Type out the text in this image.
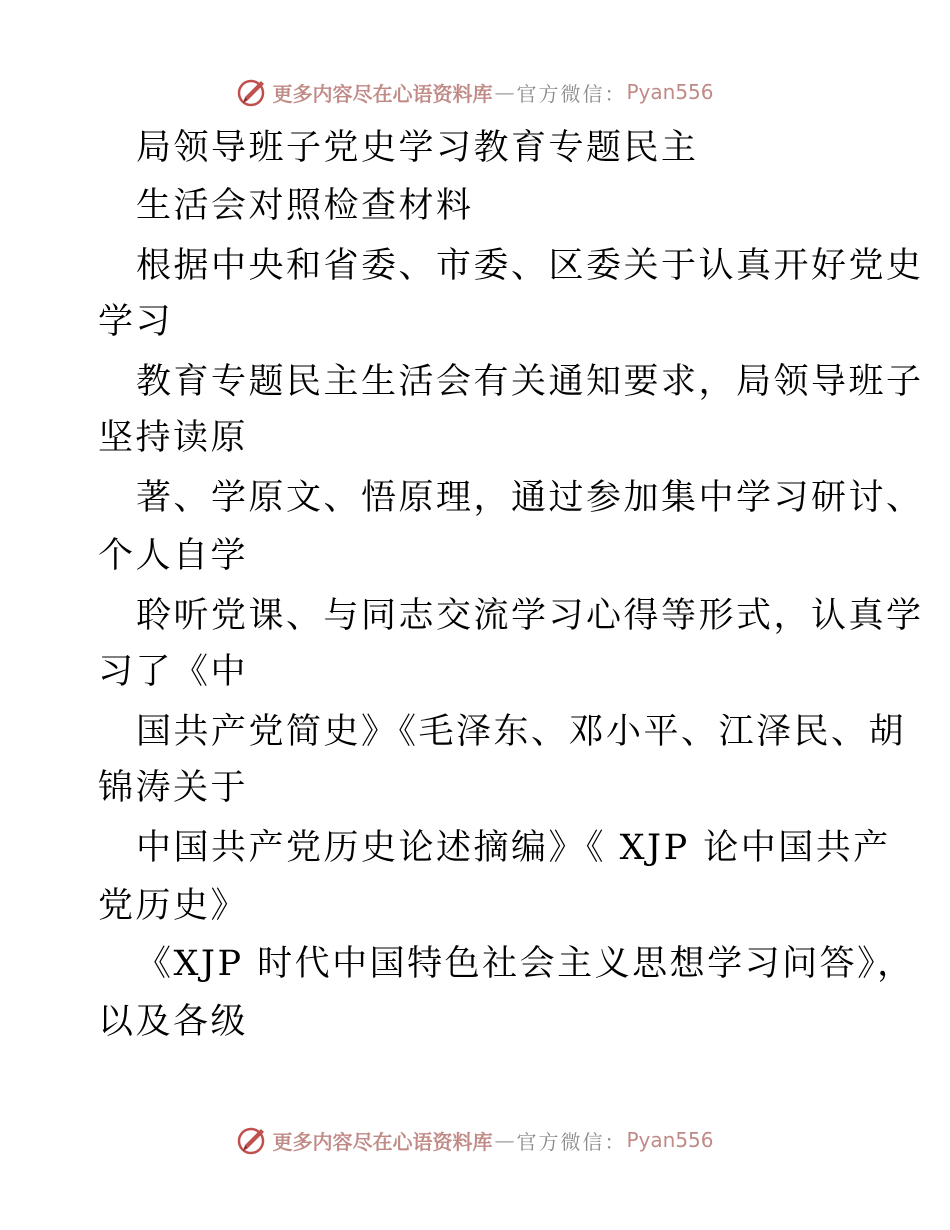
更多内容尽在心语资料库 — 官方微信： Pyan556
局领导班子党史学习教育专题民主
生活会对照检查材料
根据中央和省委、市委、区委关于认真开好党史
学习
教育专题民主生活会有关通知要求，局领导班子
坚持读原
著、学原文、悟原理，通过参加集中学习研讨、
个人自学
聆听党课、与同志交流学习心得等形式，认真学
习了《中
国共产党简史》《毛泽东、邓小平、江泽民、胡
锦涛关于
中国共产党历史论述摘编》《 XJP 论中国共产
党历史》
《XJP 时代中国特色社会主义思想学习问答》，
以及各级
更多内容尽在心语资料库 — 官方微信： Pyan556
